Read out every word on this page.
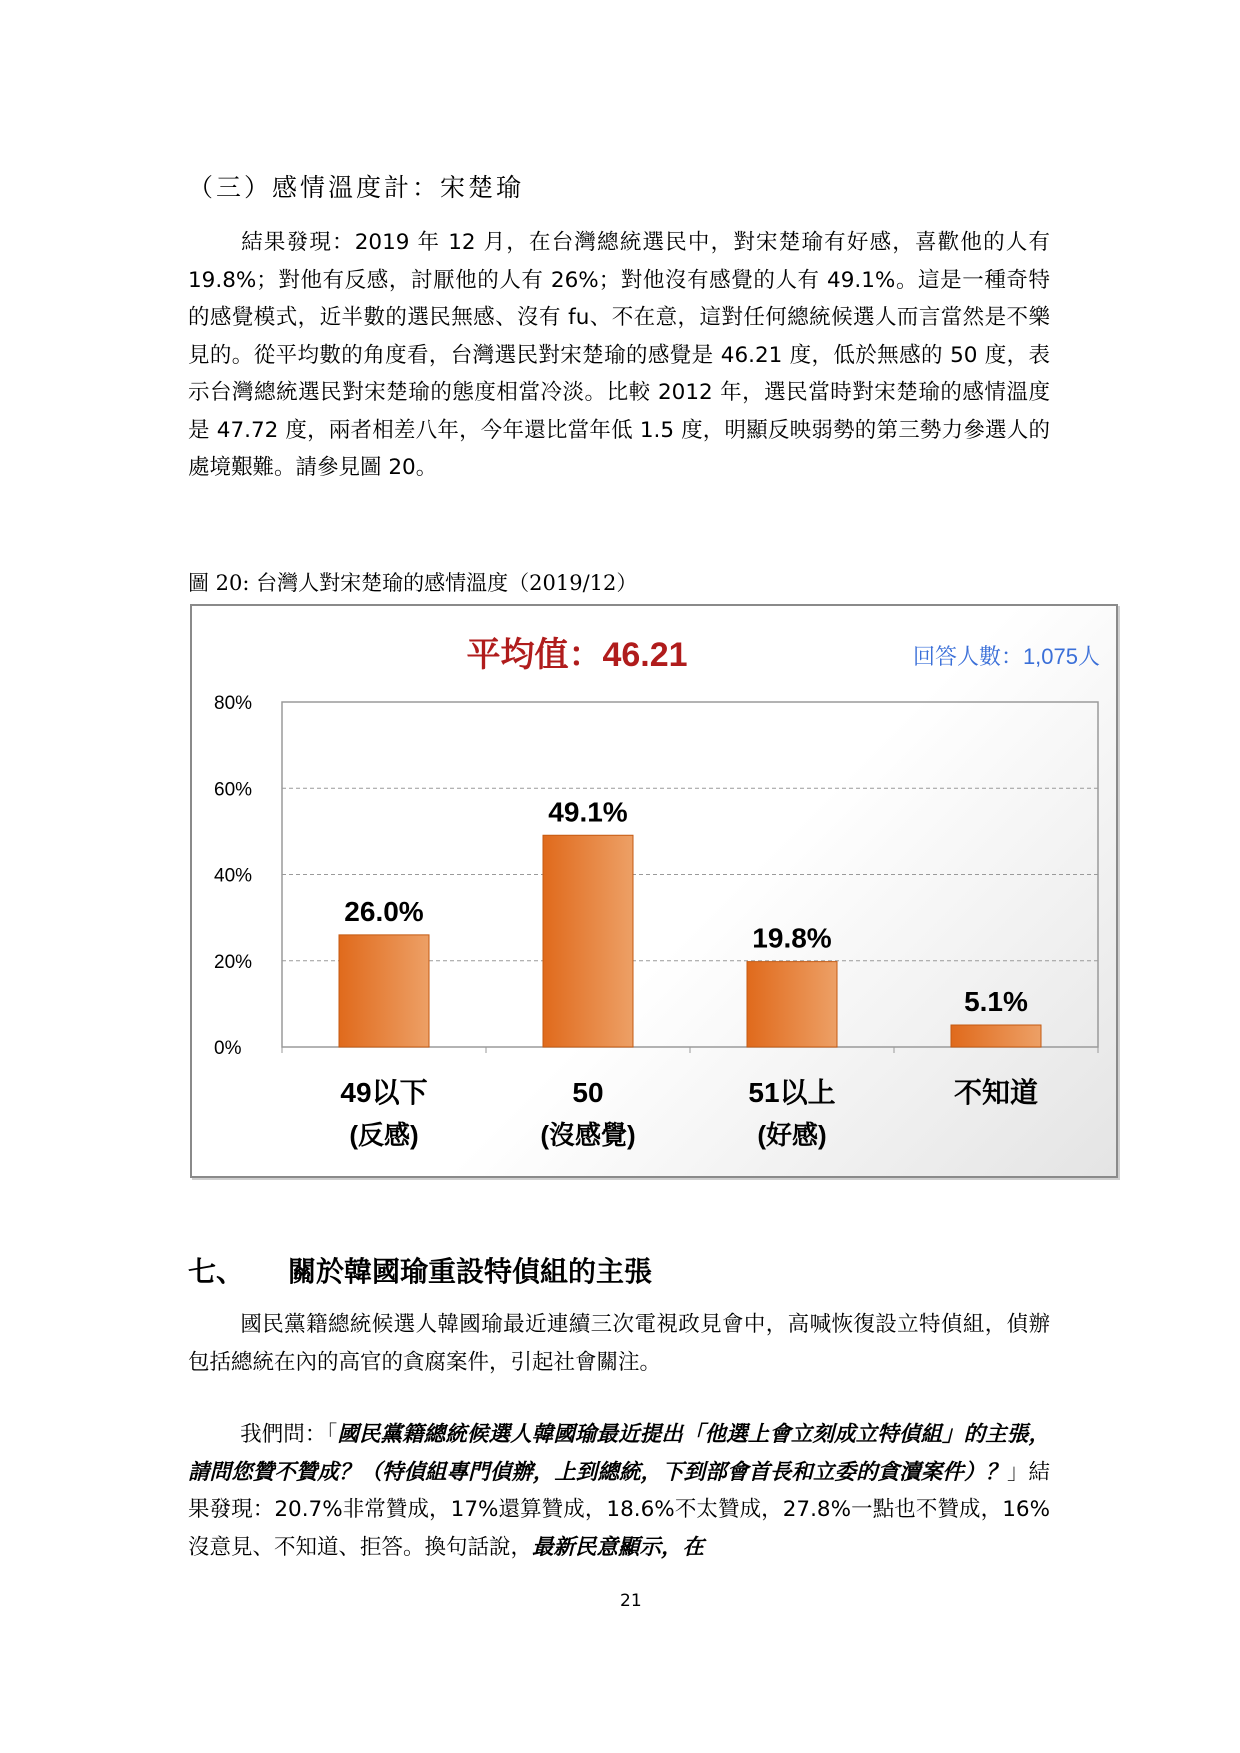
（三）感情溫度計：宋楚瑜

結果發現：2019 年 12 月，在台灣總統選民中，對宋楚瑜有好感，喜歡他的人有 19.8%；對他有反感，討厭他的人有 26%；對他沒有感覺的人有 49.1%。這是一種奇特的感覺模式，近半數的選民無感、沒有 fu、不在意，這對任何總統候選人而言當然是不樂見的。從平均數的角度看，台灣選民對宋楚瑜的感覺是 46.21 度，低於無感的 50 度，表示台灣總統選民對宋楚瑜的態度相當冷淡。比較 2012 年，選民當時對宋楚瑜的感情溫度是 47.72 度，兩者相差八年，今年還比當年低 1.5 度，明顯反映弱勢的第三勢力參選人的處境艱難。請參見圖 20。

圖 20: 台灣人對宋楚瑜的感情溫度（2019/12）
平均值：46.21	回答人數：1,075人
0%
20%
40%
60%
80%
26.0%
49以下
(反感)
49.1%
50
(沒感覺)
19.8%
51以上
(好感)
5.1%
不知道
七、 關於韓國瑜重設特偵組的主張

國民黨籍總統候選人韓國瑜最近連續三次電視政見會中，高喊恢復設立特偵組，偵辦包括總統在內的高官的貪腐案件，引起社會關注。

我們問：「國民黨籍總統候選人韓國瑜最近提出「他選上會立刻成立特偵組」的主張，請問您贊不贊成？（特偵組專門偵辦，上到總統，下到部會首長和立委的貪瀆案件）？」結果發現：20.7%非常贊成，17%還算贊成，18.6%不太贊成，27.8%一點也不贊成，16%沒意見、不知道、拒答。換句話說，最新民意顯示，在

21
